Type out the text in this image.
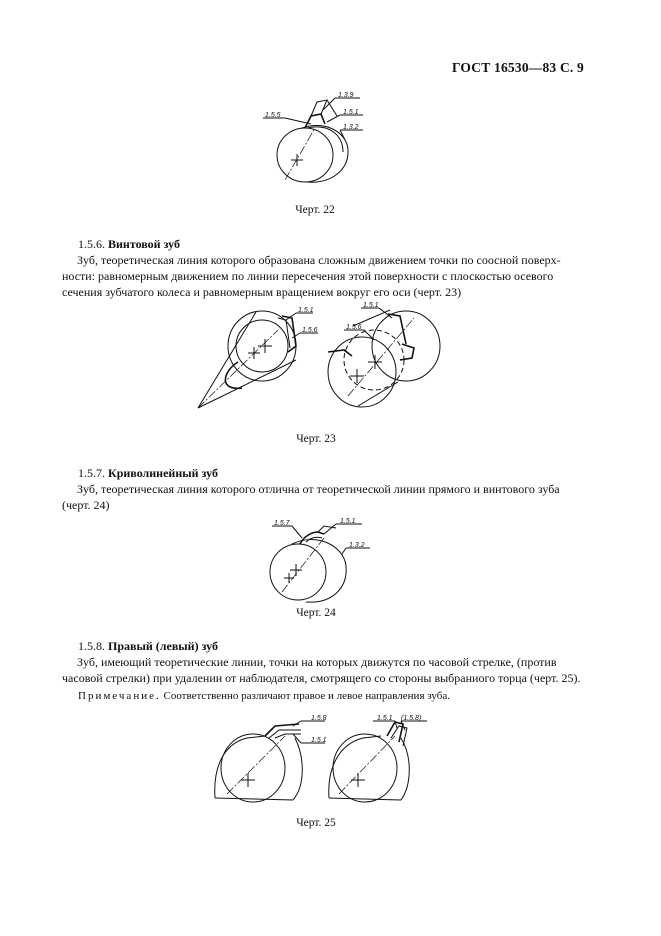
ГОСТ 16530—83 С. 9
1.5.5
1.3.9
1.5.1
1.3.2
Черт. 22
1.5.6. Винтовой зуб
Зуб, теоретическая линия которого образована сложным движением точки по соосной поверх-
ности: равномерным движением по линии пересечения этой поверхности с плоскостью осевого
сечения зубчатого колеса и равномерным вращением вокруг его оси (черт. 23)
1.5.1
1.5.6
1.5.1
1.5.6
Черт. 23
1.5.7. Криволинейный зуб
Зуб, теоретическая линия которого отлична от теоретической линии прямого и винтового зуба
(черт. 24)
1.5.7	1.5.1
1.3.2
Черт. 24
1.5.8. Правый (левый) зуб
Зуб, имеющий теоретические линии, точки на которых движутся по часовой стрелке, (против
часовой стрелки) при удалении от наблюдателя, смотрящего со стороны выбраниого торца (черт. 25).
Примечание. Соответственно различают правое и левое направления зуба.
1.5.8
1.5.1
1.5.1 (1.5.8)
Черт. 25
